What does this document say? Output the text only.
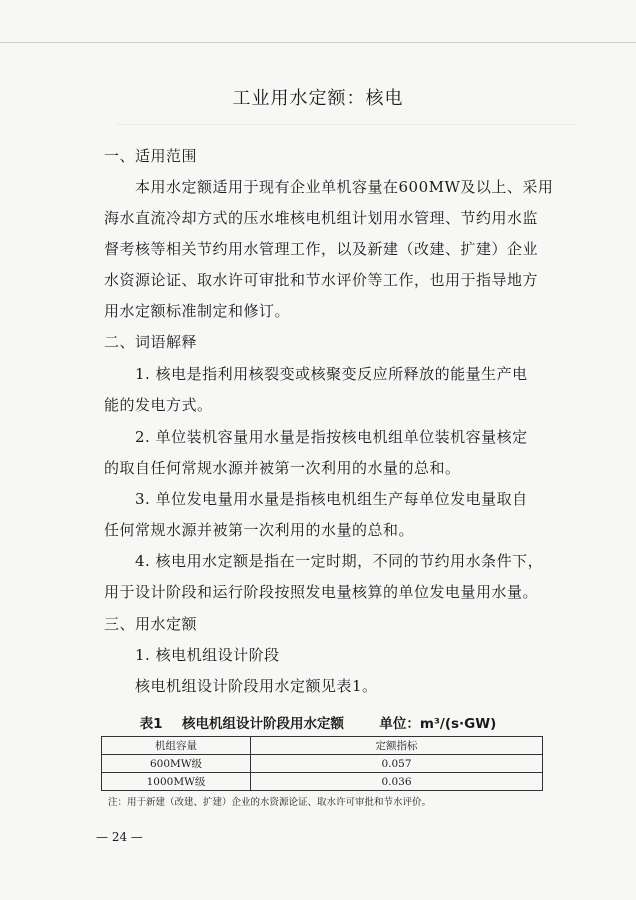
工业用水定额：核电
一、适用范围
　　本用水定额适用于现有企业单机容量在600MW及以上、采用
海水直流冷却方式的压水堆核电机组计划用水管理、节约用水监
督考核等相关节约用水管理工作，以及新建（改建、扩建）企业
水资源论证、取水许可审批和节水评价等工作，也用于指导地方
用水定额标准制定和修订。
二、词语解释
　　1. 核电是指利用核裂变或核聚变反应所释放的能量生产电
能的发电方式。
　　2. 单位装机容量用水量是指按核电机组单位装机容量核定
的取自任何常规水源并被第一次利用的水量的总和。
　　3. 单位发电量用水量是指核电机组生产每单位发电量取自
任何常规水源并被第一次利用的水量的总和。
　　4. 核电用水定额是指在一定时期，不同的节约用水条件下，
用于设计阶段和运行阶段按照发电量核算的单位发电量用水量。
三、用水定额
　　1. 核电机组设计阶段
　　核电机组设计阶段用水定额见表1。
表1 核电机组设计阶段用水定额	单位：m³/(s·GW)
机组容量	定额指标
600MW级	0.057
1000MW级	0.036
注：用于新建（改建、扩建）企业的水资源论证、取水许可审批和节水评价。
— 24 —
